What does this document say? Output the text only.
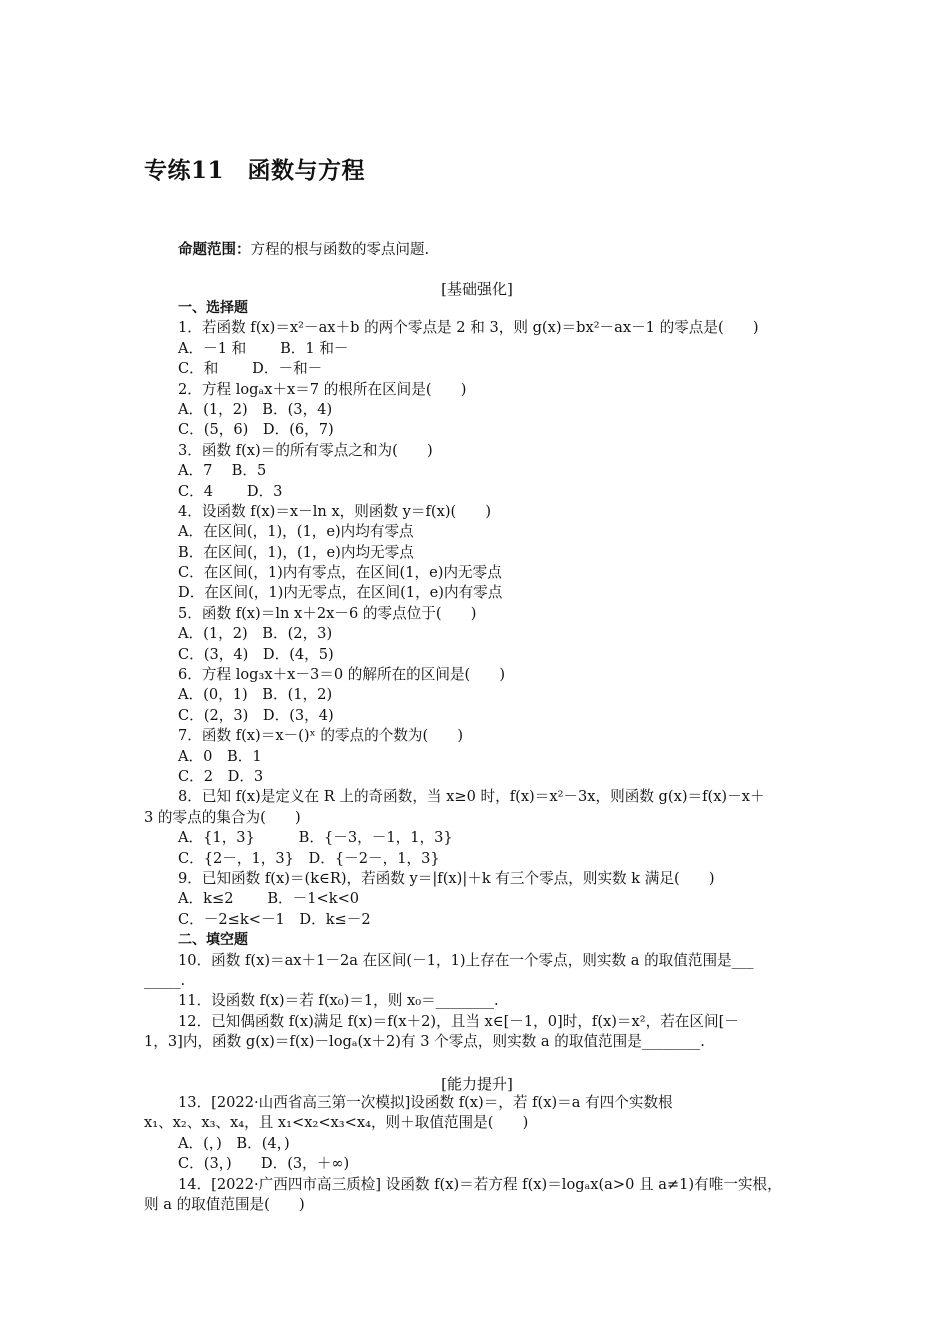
专练11　函数与方程
命题范围：方程的根与函数的零点问题.
[基础强化]
一、选择题
1．若函数 f(x)＝x²－ax＋b 的两个零点是 2 和 3，则 g(x)＝bx²－ax－1 的零点是(　　)
A．－1 和　　 B．1 和－
C．和　　 D．－和－
2．方程 logₐx＋x＝7 的根所在区间是(　　)
A．(1，2)　B．(3，4)
C．(5，6)　D．(6，7)
3．函数 f(x)＝的所有零点之和为(　　)
A．7　 B．5
C．4　　 D．3
4．设函数 f(x)＝x－ln x，则函数 y＝f(x)(　　)
A．在区间(，1)，(1，e)内均有零点
B．在区间(，1)，(1，e)内均无零点
C．在区间(，1)内有零点，在区间(1，e)内无零点
D．在区间(，1)内无零点，在区间(1，e)内有零点
5．函数 f(x)＝ln x＋2x－6 的零点位于(　　)
A．(1，2)　B．(2，3)
C．(3，4)　D．(4，5)
6．方程 log₃x＋x－3＝0 的解所在的区间是(　　)
A．(0，1)　B．(1，2)
C．(2，3)　D．(3，4)
7．函数 f(x)＝x－()ˣ 的零点的个数为(　　)
A．0　B．1
C．2　D．3
8．已知 f(x)是定义在 R 上的奇函数，当 x≥0 时，f(x)＝x²－3x，则函数 g(x)＝f(x)－x＋
3 的零点的集合为(　　)
A．{1，3}　　　B．{－3，－1，1，3}
C．{2－，1，3}　D．{－2－，1，3}
9．已知函数 f(x)＝(k∈R)，若函数 y＝|f(x)|＋k 有三个零点，则实数 k 满足(　　)
A．k≤2　　 B．－1<k<0
C．－2≤k<－1　D．k≤－2
二、填空题
10．函数 f(x)＝ax＋1－2a 在区间(－1，1)上存在一个零点，则实数 a 的取值范围是___
_____.
11．设函数 f(x)＝若 f(x₀)＝1，则 x₀＝________.
12．已知偶函数 f(x)满足 f(x)＝f(x＋2)，且当 x∈[－1，0]时，f(x)＝x²，若在区间[－
1，3]内，函数 g(x)＝f(x)－logₐ(x＋2)有 3 个零点，则实数 a 的取值范围是________.
[能力提升]
13．[2022·山西省高三第一次模拟]设函数 f(x)＝，若 f(x)＝a 有四个实数根
x₁、x₂、x₃、x₄，且 x₁<x₂<x₃<x₄，则＋取值范围是(　　)
A．(，)　B．(4，)
C．(3，)　　D．(3，＋∞)
14．[2022·广西四市高三质检] 设函数 f(x)＝若方程 f(x)＝logₐx(a>0 且 a≠1)有唯一实根，
则 a 的取值范围是(　　)
